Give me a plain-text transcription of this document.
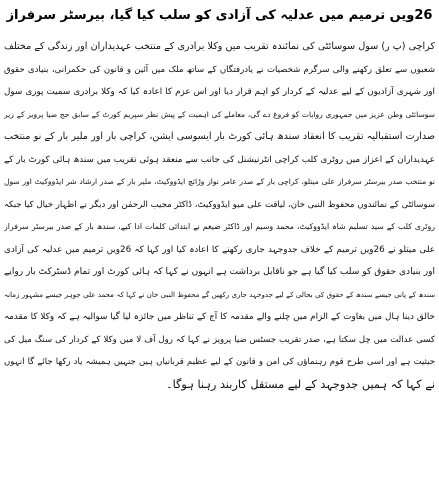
26ویں ترمیم میں عدلیہ کی آزادی کو سلب کیا گیا، بیرسٹر سرفراز
کراچی (پ ر) سول سوسائٹی کی نمائندہ تقریب میں وکلا برادری کے منتخب عہدیداران اور زندگی کے مختلف
شعبوں سے تعلق رکھنے والی سرگرم شخصیات نے یادرفتگاں کے ساتھ ملک میں آئین و قانون کی حکمرانی، بنیادی حقوق
اور شہری آزادیوں کے لیے عدلیہ کے کردار کو اہم قرار دیا اور اس عزم کا اعادہ کیا کہ وکلا برادری سمیت پوری سول
سوسائٹی وطن عزیز میں جمہوری روایات کو فروغ دے گی، معاملے کی اہمیت کے پیش نظر سپریم کورٹ کے سابق جج ضیا پرویز کے زیر
صدارت استقبالیہ تقریب کا انعقاد سندھ ہائی کورٹ بار ایسوسی ایشن، کراچی بار اور ملیر بار کے نو منتخب
عہدیداران کے اعزاز میں روٹری کلب کراچی انٹرنیشنل کی جانب سے منعقد ہوئی تقریب میں سندھ ہائی کورٹ بار کے
نو منتخب صدر بیرسٹر سرفراز علی میتلو، کراچی بار کے صدر عامر نواز وڑائچ ایڈووکیٹ، ملیر بار کے صدر ارشاد شر ایڈووکیٹ اور سول
سوسائٹی کے نمائندوں محفوظ النبی خان، لیاقت علی میو ایڈووکیٹ، ڈاکٹر مجیب الرحمٰن اور دیگر نے اظہار خیال کیا جبکہ
روٹری کلب کے سید تسلیم شاہ ایڈووکیٹ، محمد وسیم اور ڈاکٹر ضیغم نے ابتدائی کلمات ادا کیے، سندھ بار کے صدر بیرسٹر سرفراز
علی میتلو نے 26ویں ترمیم کے خلاف جدوجہد جاری رکھنے کا اعادہ کیا اور کہا کہ 26ویں ترمیم میں عدلیہ کی آزادی
اور بنیادی حقوق کو سلب کیا گیا ہے جو ناقابل برداشت ہے انہوں نے کہا کہ ہائی کورٹ اور تمام ڈسٹرکٹ بار روایے
سندھ کے پانی جیسے سندھ کے حقوق کی بحالی کے لیے جدوجہد جاری رکھیں گے محفوظ النبی خان نے کہا کہ محمد علی جوہر جیسے مشہور زمانہ
خالق دینا ہال میں بغاوت کے الزام میں چلنے والے مقدمہ کا آج کے تناظر میں جائزہ لیا گیا سوالیہ ہے کہ وکلا کا مقدمہ
کسی عدالت میں چل سکتا ہے، صدر تقریب جسٹس ضیا پرویز نے کہا کہ رول آف لا میں وکلا کے کردار کی سنگ میل کی
حیثیت ہے اور اسی طرح قوم رہنماؤں کی امن و قانون کے لیے عظیم قربانیاں ہیں جنہیں ہمیشہ یاد رکھا جائے گا انہوں
نے کہا کہ ہمیں جدوجہد کے لیے مستقل کاربند رہنا ہوگا۔
